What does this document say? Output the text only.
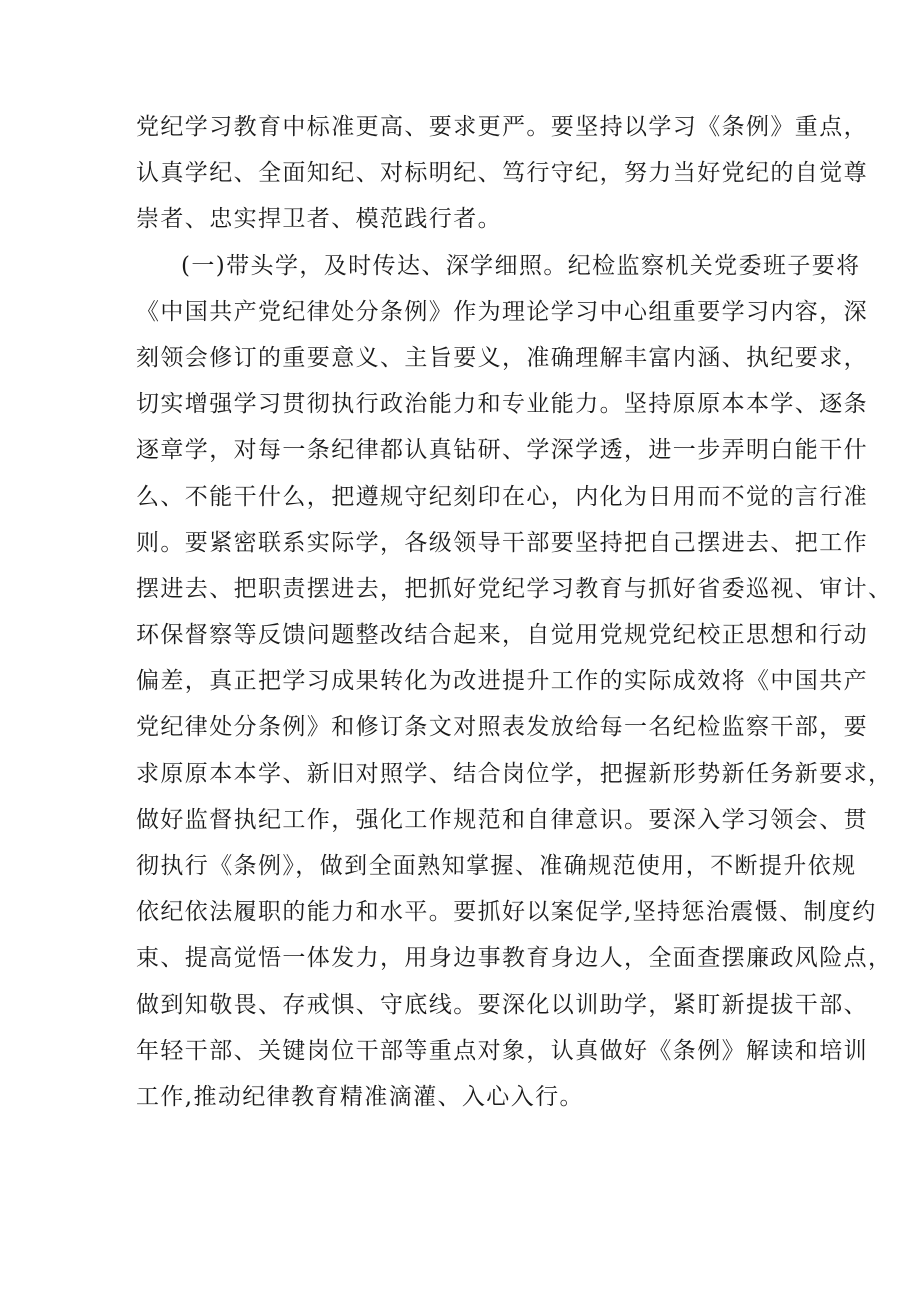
党纪学习教育中标准更高、要求更严。要坚持以学习《条例》重点，
认真学纪、全面知纪、对标明纪、笃行守纪，努力当好党纪的自觉尊
崇者、忠实捍卫者、模范践行者。
(一)带头学，及时传达、深学细照。纪检监察机关党委班子要将
《中国共产党纪律处分条例》作为理论学习中心组重要学习内容，深
刻领会修订的重要意义、主旨要义，准确理解丰富内涵、执纪要求，
切实增强学习贯彻执行政治能力和专业能力。坚持原原本本学、逐条
逐章学，对每一条纪律都认真钻研、学深学透，进一步弄明白能干什
么、不能干什么，把遵规守纪刻印在心，内化为日用而不觉的言行准
则。要紧密联系实际学，各级领导干部要坚持把自己摆进去、把工作
摆进去、把职责摆进去，把抓好党纪学习教育与抓好省委巡视、审计、
环保督察等反馈问题整改结合起来，自觉用党规党纪校正思想和行动
偏差，真正把学习成果转化为改进提升工作的实际成效将《中国共产
党纪律处分条例》和修订条文对照表发放给每一名纪检监察干部，要
求原原本本学、新旧对照学、结合岗位学，把握新形势新任务新要求，
做好监督执纪工作，强化工作规范和自律意识。要深入学习领会、贯
彻执行《条例》，做到全面熟知掌握、准确规范使用，不断提升依规
依纪依法履职的能力和水平。要抓好以案促学,坚持惩治震慑、制度约
束、提高觉悟一体发力，用身边事教育身边人，全面查摆廉政风险点，
做到知敬畏、存戒惧、守底线。要深化以训助学，紧盯新提拔干部、
年轻干部、关键岗位干部等重点对象，认真做好《条例》解读和培训
工作,推动纪律教育精准滴灌、入心入行。
